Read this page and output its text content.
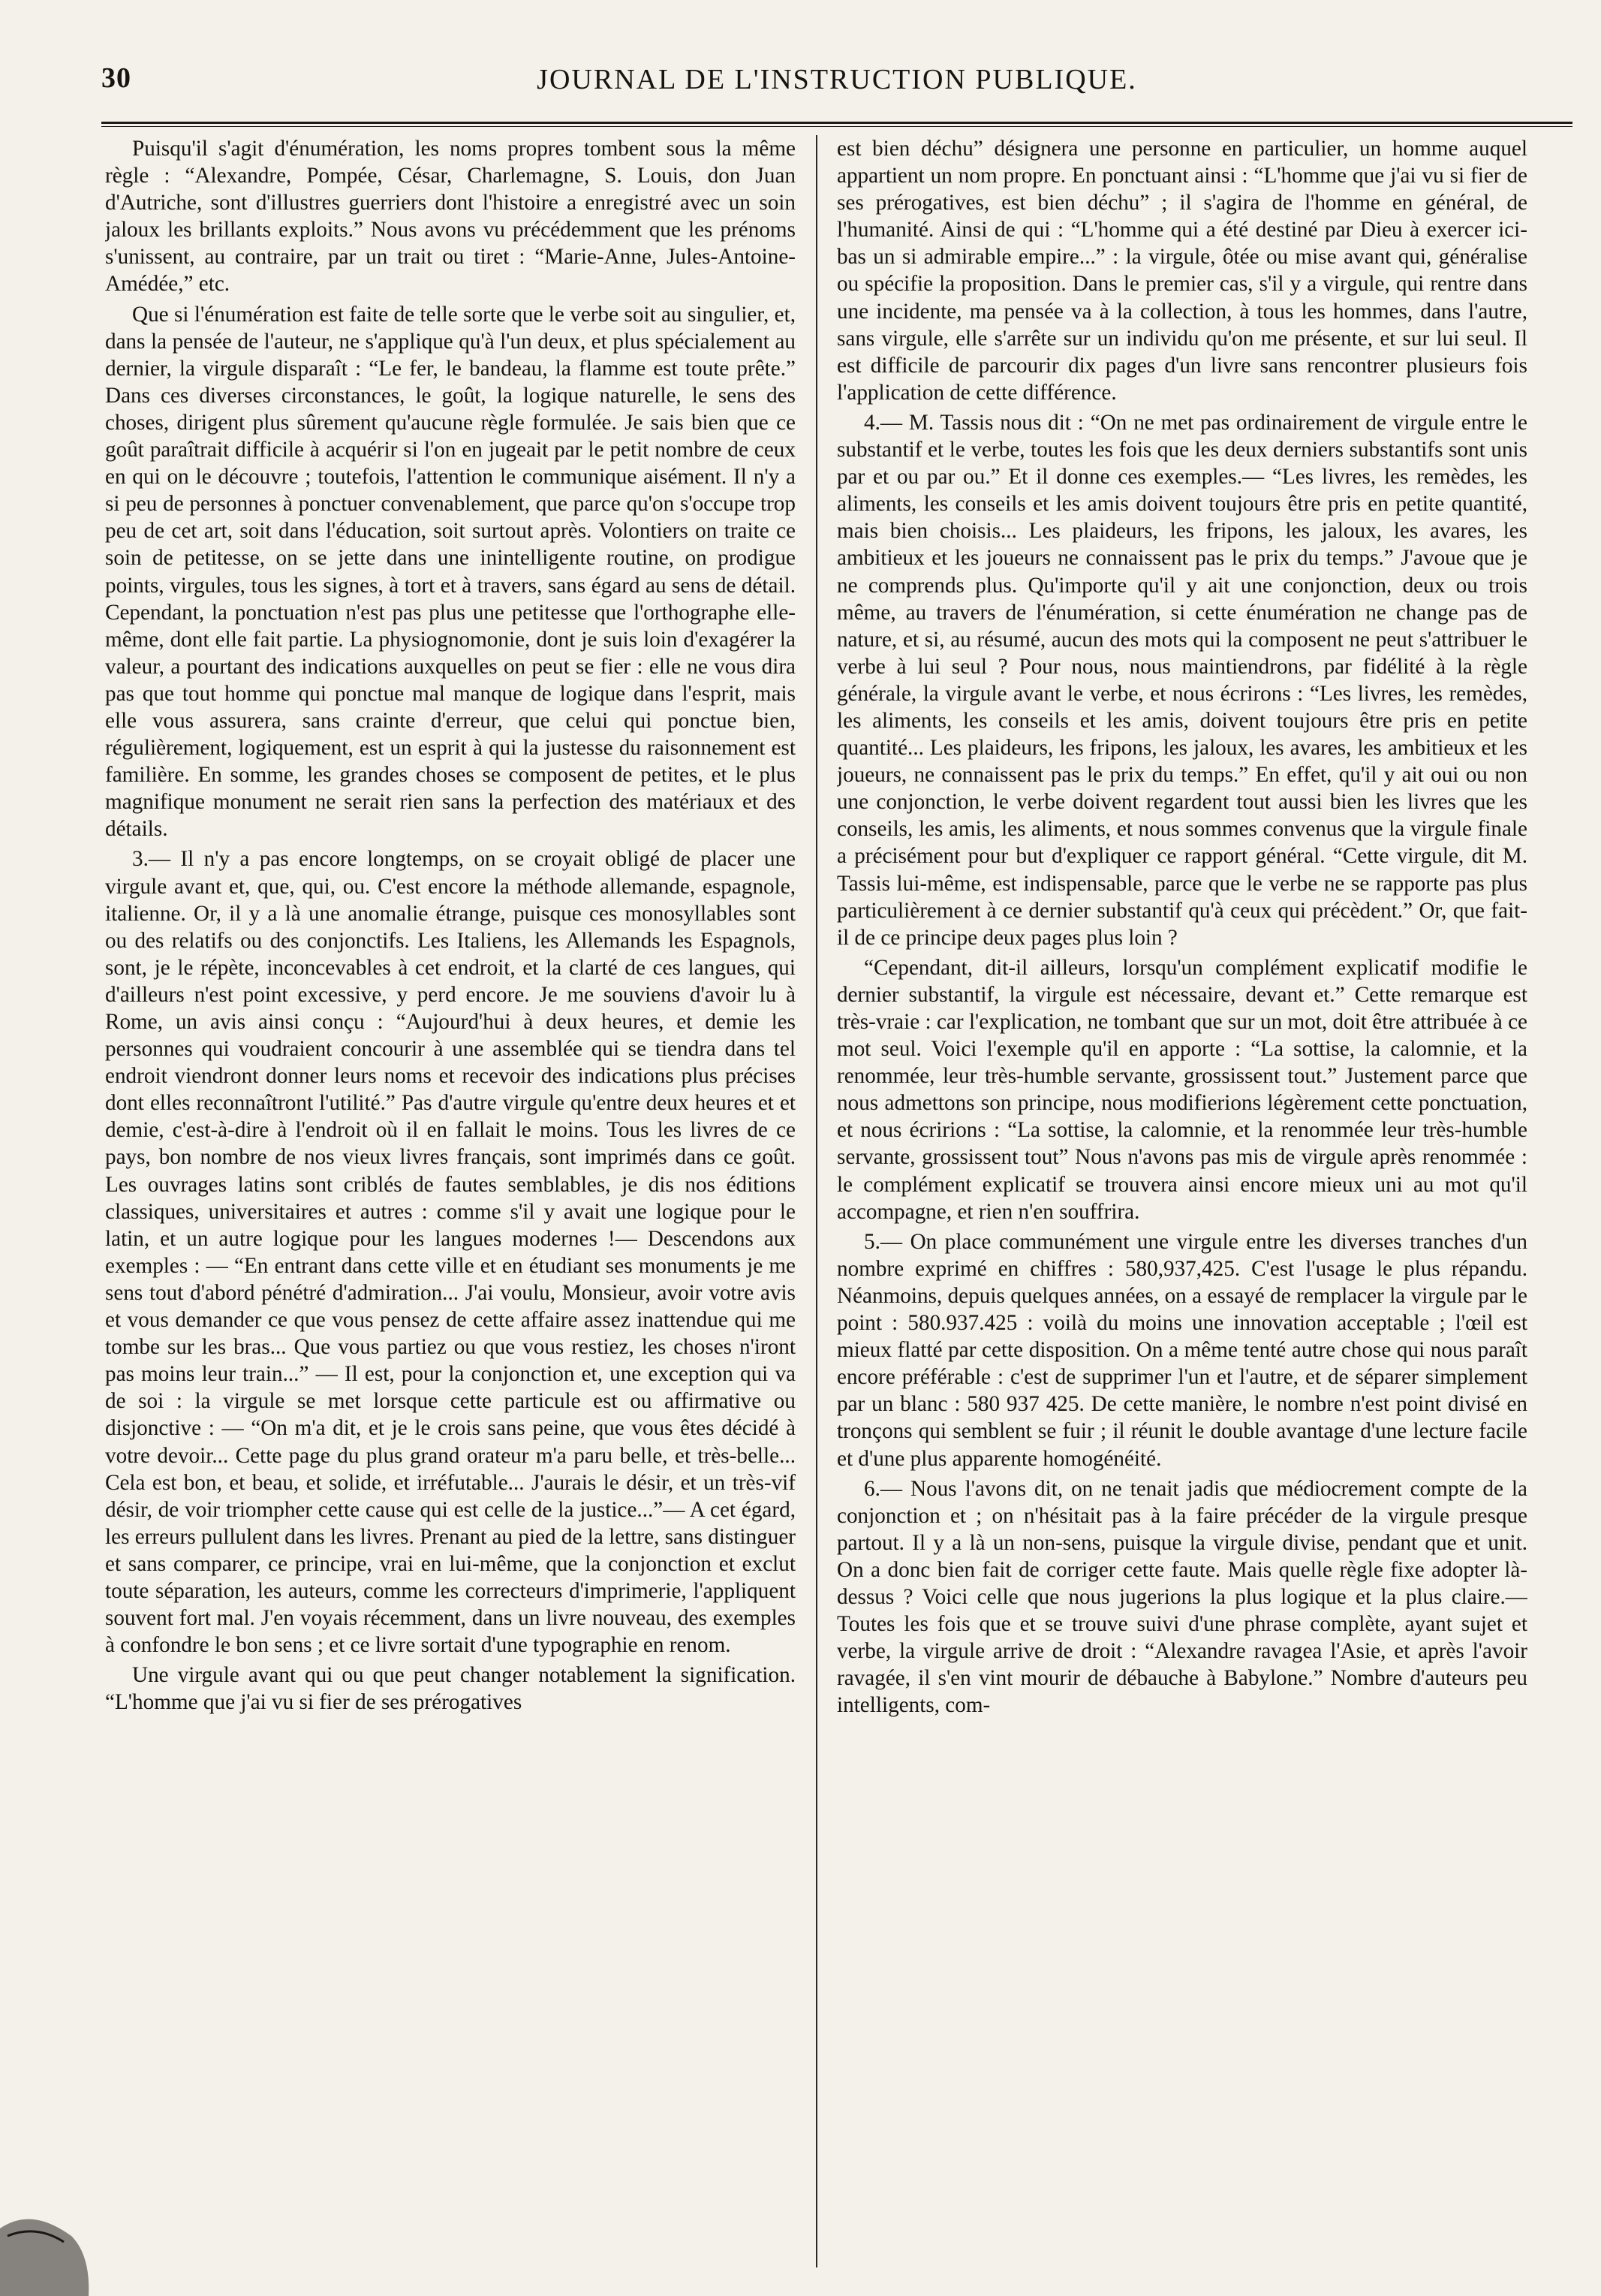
30	JOURNAL DE L'INSTRUCTION PUBLIQUE.

Puisqu'il s'agit d'énumération, les noms propres tombent sous la même règle : “Alexandre, Pompée, César, Charlemagne, S. Louis, don Juan d'Autriche, sont d'illustres guerriers dont l'histoire a enregistré avec un soin jaloux les brillants exploits.” Nous avons vu précédemment que les prénoms s'unissent, au contraire, par un trait ou tiret : “Marie-Anne, Jules-Antoine-Amédée,” etc.

Que si l'énumération est faite de telle sorte que le verbe soit au singulier, et, dans la pensée de l'auteur, ne s'applique qu'à l'un deux, et plus spécialement au dernier, la virgule disparaît : “Le fer, le bandeau, la flamme est toute prête.” Dans ces diverses circonstances, le goût, la logique naturelle, le sens des choses, dirigent plus sûrement qu'aucune règle formulée. Je sais bien que ce goût paraîtrait difficile à acquérir si l'on en jugeait par le petit nombre de ceux en qui on le découvre ; toutefois, l'attention le communique aisément. Il n'y a si peu de personnes à ponctuer convenablement, que parce qu'on s'occupe trop peu de cet art, soit dans l'éducation, soit surtout après. Volontiers on traite ce soin de petitesse, on se jette dans une inintelligente routine, on prodigue points, virgules, tous les signes, à tort et à travers, sans égard au sens de détail. Cependant, la ponctuation n'est pas plus une petitesse que l'orthographe elle-même, dont elle fait partie. La physiognomonie, dont je suis loin d'exagérer la valeur, a pourtant des indications auxquelles on peut se fier : elle ne vous dira pas que tout homme qui ponctue mal manque de logique dans l'esprit, mais elle vous assurera, sans crainte d'erreur, que celui qui ponctue bien, régulièrement, logiquement, est un esprit à qui la justesse du raisonnement est familière. En somme, les grandes choses se composent de petites, et le plus magnifique monument ne serait rien sans la perfection des matériaux et des détails.

3.— Il n'y a pas encore longtemps, on se croyait obligé de placer une virgule avant et, que, qui, ou. C'est encore la méthode allemande, espagnole, italienne. Or, il y a là une anomalie étrange, puisque ces monosyllables sont ou des relatifs ou des conjonctifs. Les Italiens, les Allemands les Espagnols, sont, je le répète, inconcevables à cet endroit, et la clarté de ces langues, qui d'ailleurs n'est point excessive, y perd encore. Je me souviens d'avoir lu à Rome, un avis ainsi conçu : “Aujourd'hui à deux heures, et demie les personnes qui voudraient concourir à une assemblée qui se tiendra dans tel endroit viendront donner leurs noms et recevoir des indications plus précises dont elles reconnaîtront l'utilité.” Pas d'autre virgule qu'entre deux heures et et demie, c'est-à-dire à l'endroit où il en fallait le moins. Tous les livres de ce pays, bon nombre de nos vieux livres français, sont imprimés dans ce goût. Les ouvrages latins sont criblés de fautes semblables, je dis nos éditions classiques, universitaires et autres : comme s'il y avait une logique pour le latin, et un autre logique pour les langues modernes !— Descendons aux exemples : — “En entrant dans cette ville et en étudiant ses monuments je me sens tout d'abord pénétré d'admiration... J'ai voulu, Monsieur, avoir votre avis et vous demander ce que vous pensez de cette affaire assez inattendue qui me tombe sur les bras... Que vous partiez ou que vous restiez, les choses n'iront pas moins leur train...” — Il est, pour la conjonction et, une exception qui va de soi : la virgule se met lorsque cette particule est ou affirmative ou disjonctive : — “On m'a dit, et je le crois sans peine, que vous êtes décidé à votre devoir... Cette page du plus grand orateur m'a paru belle, et très-belle... Cela est bon, et beau, et solide, et irréfutable... J'aurais le désir, et un très-vif désir, de voir triompher cette cause qui est celle de la justice...”— A cet égard, les erreurs pullulent dans les livres. Prenant au pied de la lettre, sans distinguer et sans comparer, ce principe, vrai en lui-même, que la conjonction et exclut toute séparation, les auteurs, comme les correcteurs d'imprimerie, l'appliquent souvent fort mal. J'en voyais récemment, dans un livre nouveau, des exemples à confondre le bon sens ; et ce livre sortait d'une typographie en renom.

Une virgule avant qui ou que peut changer notablement la signification. “L'homme que j'ai vu si fier de ses prérogatives

est bien déchu” désignera une personne en particulier, un homme auquel appartient un nom propre. En ponctuant ainsi : “L'homme que j'ai vu si fier de ses prérogatives, est bien déchu” ; il s'agira de l'homme en général, de l'humanité. Ainsi de qui : “L'homme qui a été destiné par Dieu à exercer ici-bas un si admirable empire...” : la virgule, ôtée ou mise avant qui, généralise ou spécifie la proposition. Dans le premier cas, s'il y a virgule, qui rentre dans une incidente, ma pensée va à la collection, à tous les hommes, dans l'autre, sans virgule, elle s'arrête sur un individu qu'on me présente, et sur lui seul. Il est difficile de parcourir dix pages d'un livre sans rencontrer plusieurs fois l'application de cette différence.

4.— M. Tassis nous dit : “On ne met pas ordinairement de virgule entre le substantif et le verbe, toutes les fois que les deux derniers substantifs sont unis par et ou par ou.” Et il donne ces exemples.— “Les livres, les remèdes, les aliments, les conseils et les amis doivent toujours être pris en petite quantité, mais bien choisis... Les plaideurs, les fripons, les jaloux, les avares, les ambitieux et les joueurs ne connaissent pas le prix du temps.” J'avoue que je ne comprends plus. Qu'importe qu'il y ait une conjonction, deux ou trois même, au travers de l'énumération, si cette énumération ne change pas de nature, et si, au résumé, aucun des mots qui la composent ne peut s'attribuer le verbe à lui seul ? Pour nous, nous maintiendrons, par fidélité à la règle générale, la virgule avant le verbe, et nous écrirons : “Les livres, les remèdes, les aliments, les conseils et les amis, doivent toujours être pris en petite quantité... Les plaideurs, les fripons, les jaloux, les avares, les ambitieux et les joueurs, ne connaissent pas le prix du temps.” En effet, qu'il y ait oui ou non une conjonction, le verbe doivent regardent tout aussi bien les livres que les conseils, les amis, les aliments, et nous sommes convenus que la virgule finale a précisément pour but d'expliquer ce rapport général. “Cette virgule, dit M. Tassis lui-même, est indispensable, parce que le verbe ne se rapporte pas plus particulièrement à ce dernier substantif qu'à ceux qui précèdent.” Or, que fait-il de ce principe deux pages plus loin ?

“Cependant, dit-il ailleurs, lorsqu'un complément explicatif modifie le dernier substantif, la virgule est nécessaire, devant et.” Cette remarque est très-vraie : car l'explication, ne tombant que sur un mot, doit être attribuée à ce mot seul. Voici l'exemple qu'il en apporte : “La sottise, la calomnie, et la renommée, leur très-humble servante, grossissent tout.” Justement parce que nous admettons son principe, nous modifierions légèrement cette ponctuation, et nous écririons : “La sottise, la calomnie, et la renommée leur très-humble servante, grossissent tout” Nous n'avons pas mis de virgule après renommée : le complément explicatif se trouvera ainsi encore mieux uni au mot qu'il accompagne, et rien n'en souffrira.

5.— On place communément une virgule entre les diverses tranches d'un nombre exprimé en chiffres : 580,937,425. C'est l'usage le plus répandu. Néanmoins, depuis quelques années, on a essayé de remplacer la virgule par le point : 580.937.425 : voilà du moins une innovation acceptable ; l'œil est mieux flatté par cette disposition. On a même tenté autre chose qui nous paraît encore préférable : c'est de supprimer l'un et l'autre, et de séparer simplement par un blanc : 580 937 425. De cette manière, le nombre n'est point divisé en tronçons qui semblent se fuir ; il réunit le double avantage d'une lecture facile et d'une plus apparente homogénéité.

6.— Nous l'avons dit, on ne tenait jadis que médiocrement compte de la conjonction et ; on n'hésitait pas à la faire précéder de la virgule presque partout. Il y a là un non-sens, puisque la virgule divise, pendant que et unit. On a donc bien fait de corriger cette faute. Mais quelle règle fixe adopter là-dessus ? Voici celle que nous jugerions la plus logique et la plus claire.— Toutes les fois que et se trouve suivi d'une phrase complète, ayant sujet et verbe, la virgule arrive de droit : “Alexandre ravagea l'Asie, et après l'avoir ravagée, il s'en vint mourir de débauche à Babylone.” Nombre d'auteurs peu intelligents, com-
